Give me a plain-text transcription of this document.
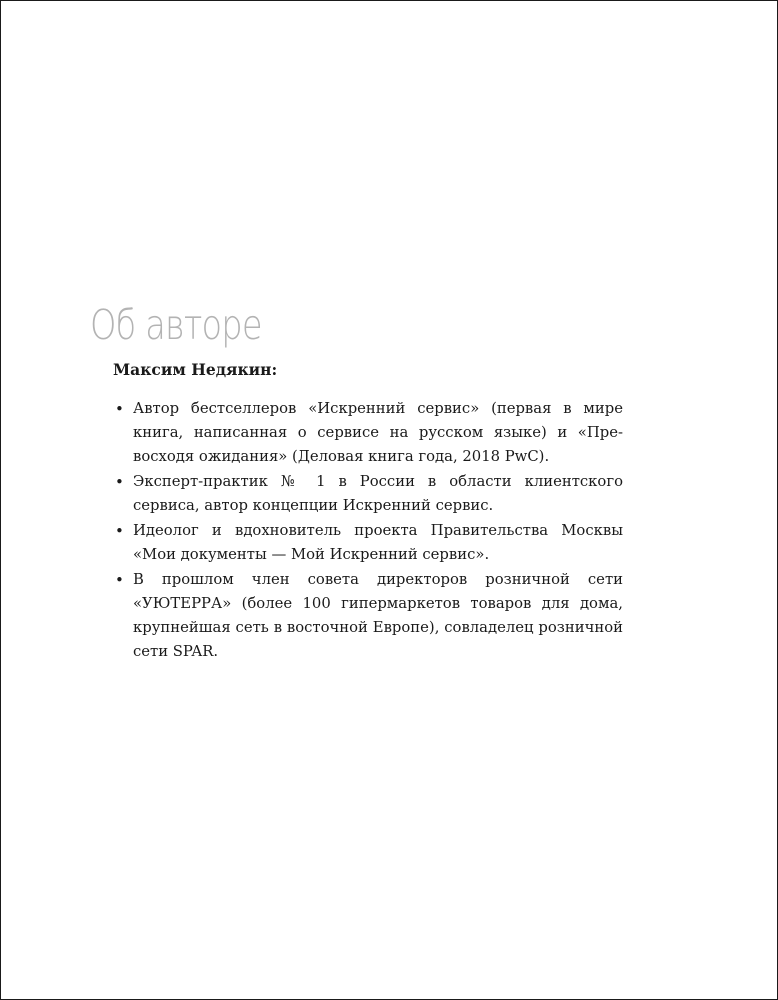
Об авторе

Максим Недякин:

•
Автор бестселлеров «Искренний сервис» (первая в мире книга, написанная о сервисе на русском языке) и «Превосходя ожидания» (Деловая книга года, 2018 PwC).
•
Эксперт-практик № 1 в России в области клиентского сервиса, автор концепции Искренний сервис.
•
Идеолог и вдохновитель проекта Правительства Москвы «Мои документы — Мой Искренний сервис».
•
В прошлом член совета директоров розничной сети «УЮТЕРРА» (более 100 гипермаркетов товаров для дома, крупнейшая сеть в восточной Европе), совладелец розничной сети SPAR.
